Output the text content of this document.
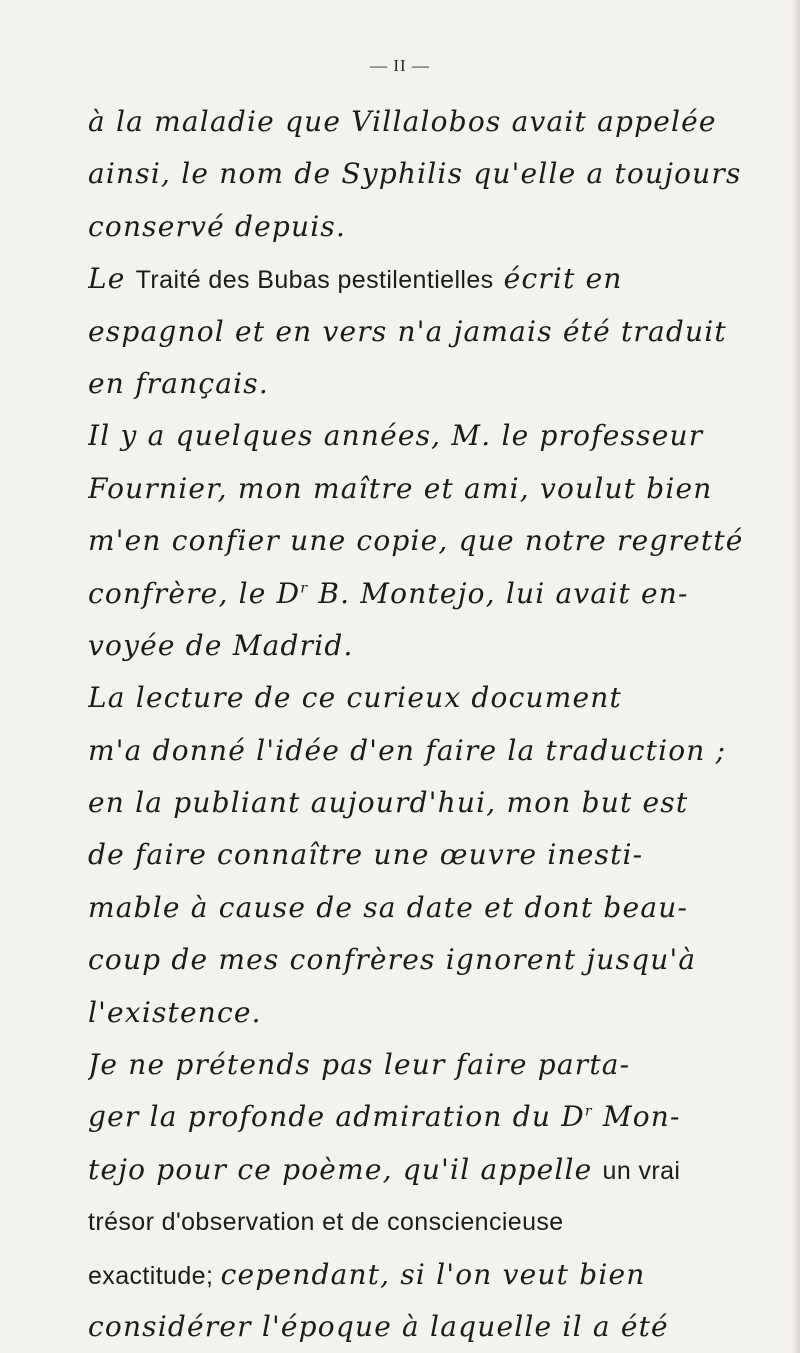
— II —
à la maladie que Villalobos avait appelée
ainsi, le nom de Syphilis qu'elle a toujours
conservé depuis.
Le Traité des Bubas pestilentielles écrit en
espagnol et en vers n'a jamais été traduit
en français.
Il y a quelques années, M. le professeur
Fournier, mon maître et ami, voulut bien
m'en confier une copie, que notre regretté
confrère, le $D^r$ B. Montejo, lui avait en-
voyée de Madrid.
La lecture de ce curieux document
m'a donné l'idée d'en faire la traduction ;
en la publiant aujourd'hui, mon but est
de faire connaître une œuvre inesti-
mable à cause de sa date et dont beau-
coup de mes confrères ignorent jusqu'à
l'existence.
Je ne prétends pas leur faire parta-
ger la profonde admiration du $D^r$ Mon-
tejo pour ce poème, qu'il appelle un vrai
trésor d'observation et de consciencieuse
exactitude; cependant, si l'on veut bien
considérer l'époque à laquelle il a été
